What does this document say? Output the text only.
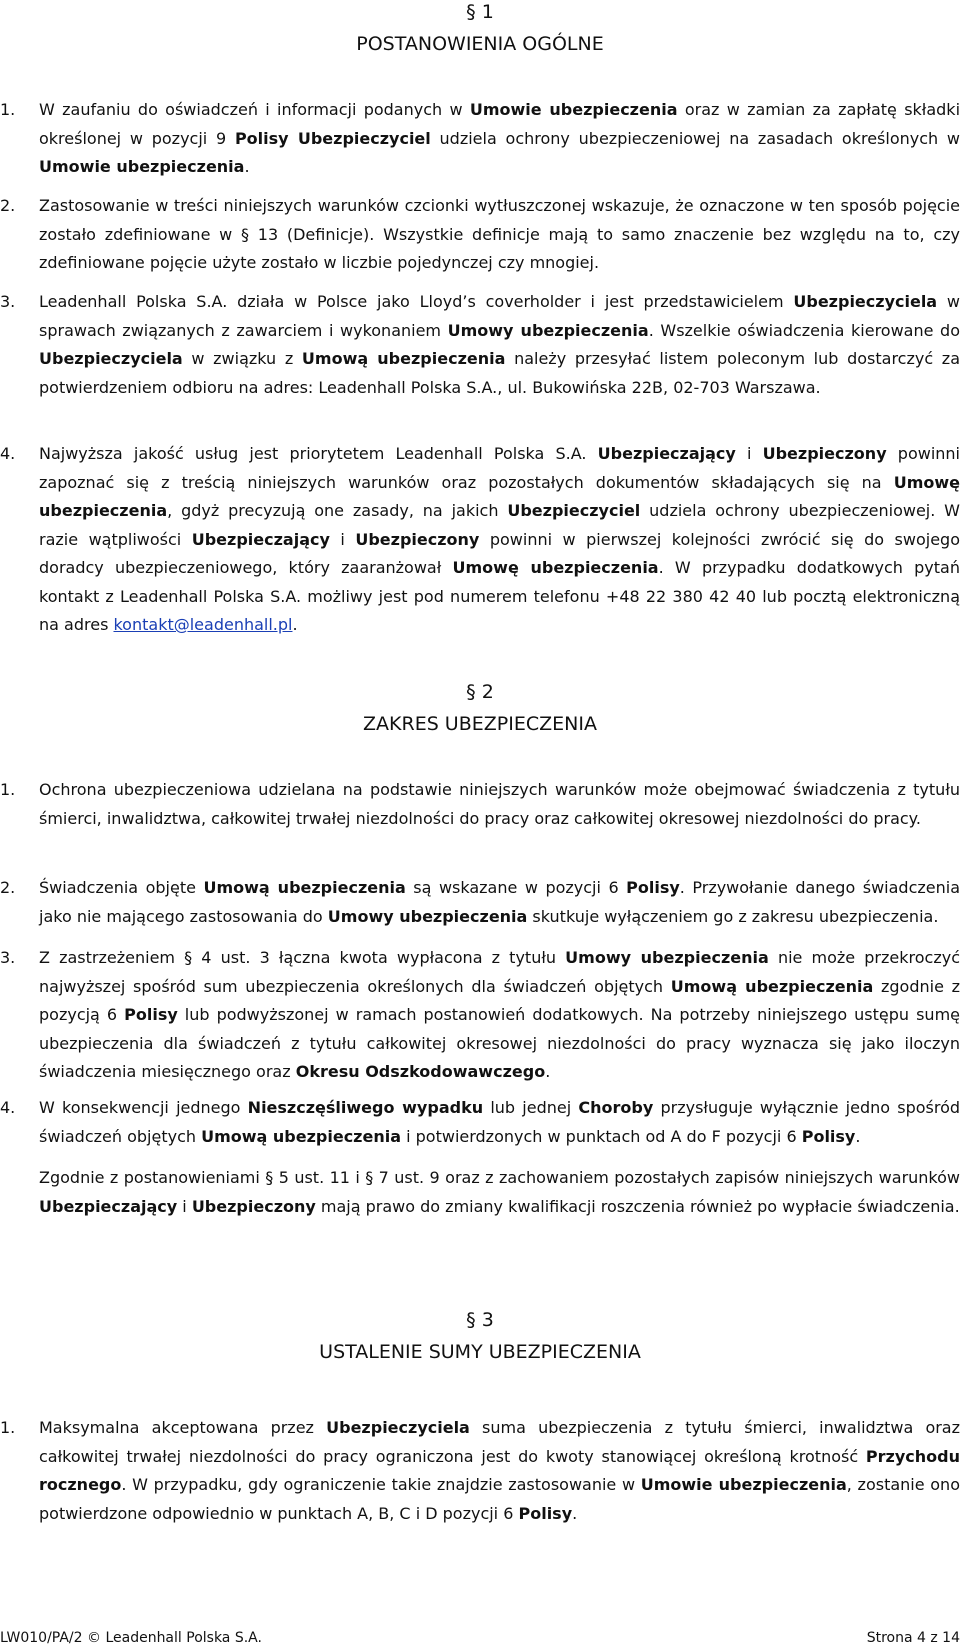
§ 1
POSTANOWIENIA OGÓLNE
1.	W zaufaniu do oświadczeń i informacji podanych w Umowie ubezpieczenia oraz w zamian za zapłatę składki określonej w pozycji 9 Polisy Ubezpieczyciel udziela ochrony ubezpieczeniowej na zasadach określonych w Umowie ubezpieczenia.
2.	Zastosowanie w treści niniejszych warunków czcionki wytłuszczonej wskazuje, że oznaczone w ten sposób pojęcie zostało zdefiniowane w § 13 (Definicje). Wszystkie definicje mają to samo znaczenie bez względu na to, czy zdefiniowane pojęcie użyte zostało w liczbie pojedynczej czy mnogiej.
3.	Leadenhall Polska S.A. działa w Polsce jako Lloyd’s coverholder i jest przedstawicielem Ubezpieczyciela w sprawach związanych z zawarciem i wykonaniem Umowy ubezpieczenia. Wszelkie oświadczenia kierowane do Ubezpieczyciela w związku z Umową ubezpieczenia należy przesyłać listem poleconym lub dostarczyć za potwierdzeniem odbioru na adres: Leadenhall Polska S.A., ul. Bukowińska 22B, 02-703 Warszawa.
4.	Najwyższa jakość usług jest priorytetem Leadenhall Polska S.A. Ubezpieczający i Ubezpieczony powinni zapoznać się z treścią niniejszych warunków oraz pozostałych dokumentów składających się na Umowę ubezpieczenia, gdyż precyzują one zasady, na jakich Ubezpieczyciel udziela ochrony ubezpieczeniowej. W razie wątpliwości Ubezpieczający i Ubezpieczony powinni w pierwszej kolejności zwrócić się do swojego doradcy ubezpieczeniowego, który zaaranżował Umowę ubezpieczenia. W przypadku dodatkowych pytań kontakt z Leadenhall Polska S.A. możliwy jest pod numerem telefonu +48 22 380 42 40 lub pocztą elektroniczną na adres kontakt@leadenhall.pl.
§ 2
ZAKRES UBEZPIECZENIA
1.	Ochrona ubezpieczeniowa udzielana na podstawie niniejszych warunków może obejmować świadczenia z tytułu śmierci, inwalidztwa, całkowitej trwałej niezdolności do pracy oraz całkowitej okresowej niezdolności do pracy.
2.	Świadczenia objęte Umową ubezpieczenia są wskazane w pozycji 6 Polisy. Przywołanie danego świadczenia jako nie mającego zastosowania do Umowy ubezpieczenia skutkuje wyłączeniem go z zakresu ubezpieczenia.
3.	Z zastrzeżeniem § 4 ust. 3 łączna kwota wypłacona z tytułu Umowy ubezpieczenia nie może przekroczyć najwyższej spośród sum ubezpieczenia określonych dla świadczeń objętych Umową ubezpieczenia zgodnie z pozycją 6 Polisy lub podwyższonej w ramach postanowień dodatkowych. Na potrzeby niniejszego ustępu sumę ubezpieczenia dla świadczeń z tytułu całkowitej okresowej niezdolności do pracy wyznacza się jako iloczyn świadczenia miesięcznego oraz Okresu Odszkodowawczego.
4.	W konsekwencji jednego Nieszczęśliwego wypadku lub jednej Choroby przysługuje wyłącznie jedno spośród świadczeń objętych Umową ubezpieczenia i potwierdzonych w punktach od A do F pozycji 6 Polisy.
Zgodnie z postanowieniami § 5 ust. 11 i § 7 ust. 9 oraz z zachowaniem pozostałych zapisów niniejszych warunków Ubezpieczający i Ubezpieczony mają prawo do zmiany kwalifikacji roszczenia również po wypłacie świadczenia.
§ 3
USTALENIE SUMY UBEZPIECZENIA
1.	Maksymalna akceptowana przez Ubezpieczyciela suma ubezpieczenia z tytułu śmierci, inwalidztwa oraz całkowitej trwałej niezdolności do pracy ograniczona jest do kwoty stanowiącej określoną krotność Przychodu rocznego. W przypadku, gdy ograniczenie takie znajdzie zastosowanie w Umowie ubezpieczenia, zostanie ono potwierdzone odpowiednio w punktach A, B, C i D pozycji 6 Polisy.
LW010/PA/2 © Leadenhall Polska S.A.	Strona 4 z 14
